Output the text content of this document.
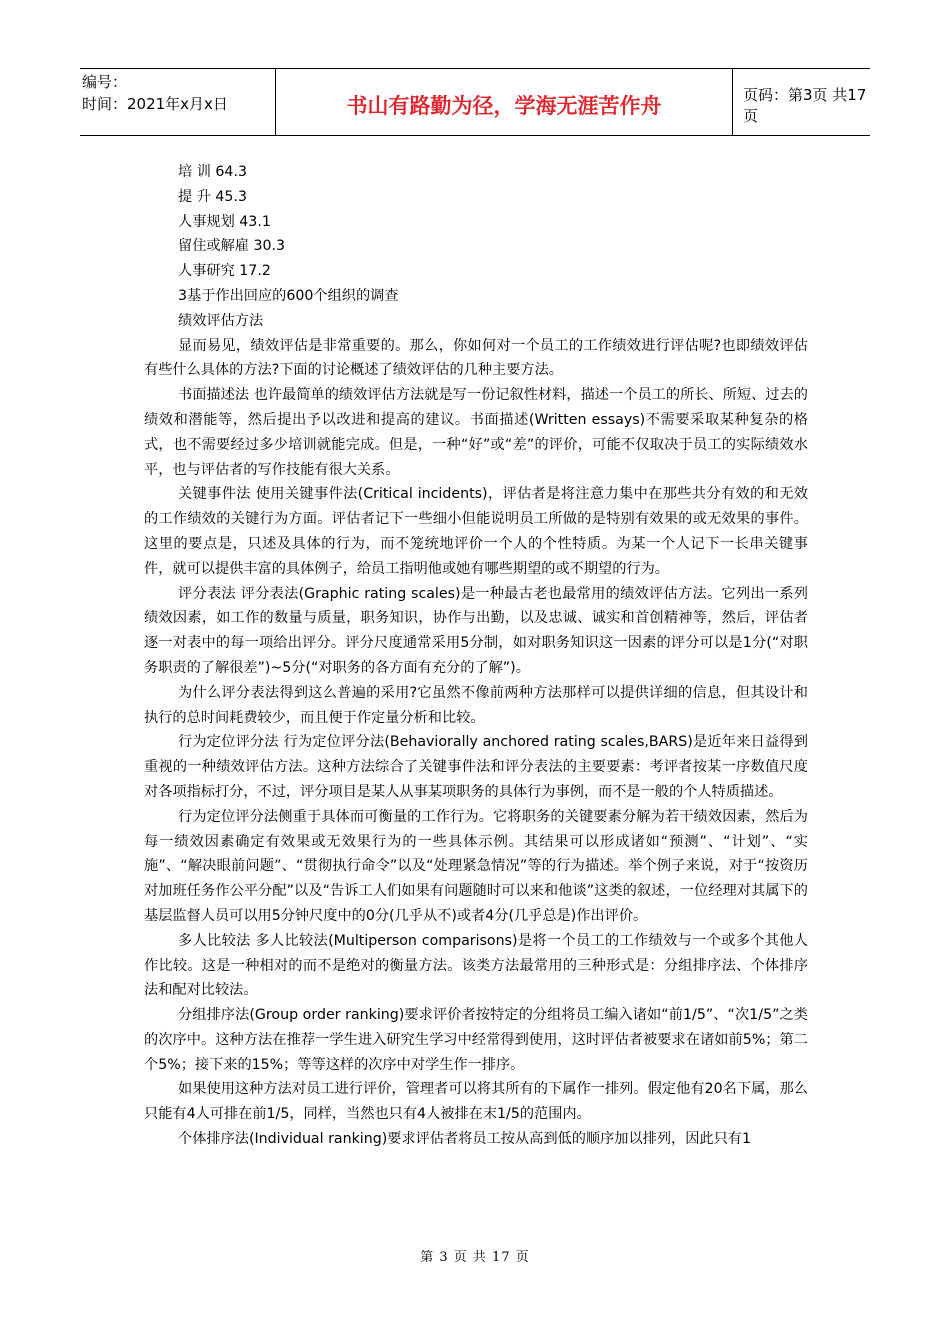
编号：
时间：2021年x月x日	书山有路勤为径，学海无涯苦作舟	页码：第3页 共17页

培 训 64.3

提 升 45.3

人事规划 43.1

留住或解雇 30.3

人事研究 17.2

3基于作出回应的600个组织的调查

绩效评估方法

显而易见，绩效评估是非常重要的。那么，你如何对一个员工的工作绩效进行评估呢?也即绩效评估有些什么具体的方法?下面的讨论概述了绩效评估的几种主要方法。

书面描述法 也许最简单的绩效评估方法就是写一份记叙性材料，描述一个员工的所长、所短、过去的绩效和潜能等，然后提出予以改进和提高的建议。书面描述(Written essays)不需要采取某种复杂的格式，也不需要经过多少培训就能完成。但是，一种“好”或“差”的评价，可能不仅取决于员工的实际绩效水平，也与评估者的写作技能有很大关系。

关键事件法 使用关键事件法(Critical incidents)，评估者是将注意力集中在那些共分有效的和无效的工作绩效的关键行为方面。评估者记下一些细小但能说明员工所做的是特别有效果的或无效果的事件。这里的要点是，只述及具体的行为，而不笼统地评价一个人的个性特质。为某一个人记下一长串关键事件，就可以提供丰富的具体例子，给员工指明他或她有哪些期望的或不期望的行为。

评分表法 评分表法(Graphic rating scales)是一种最古老也最常用的绩效评估方法。它列出一系列绩效因素，如工作的数量与质量，职务知识，协作与出勤，以及忠诚、诚实和首创精神等，然后，评估者逐一对表中的每一项给出评分。评分尺度通常采用5分制，如对职务知识这一因素的评分可以是1分(“对职务职责的了解很差”)~5分(“对职务的各方面有充分的了解”)。

为什么评分表法得到这么普遍的采用?它虽然不像前两种方法那样可以提供详细的信息，但其设计和执行的总时间耗费较少，而且便于作定量分析和比较。

行为定位评分法 行为定位评分法(Behaviorally anchored rating scales,BARS)是近年来日益得到重视的一种绩效评估方法。这种方法综合了关键事件法和评分表法的主要要素：考评者按某一序数值尺度对各项指标打分，不过，评分项目是某人从事某项职务的具体行为事例，而不是一般的个人特质描述。

行为定位评分法侧重于具体而可衡量的工作行为。它将职务的关键要素分解为若干绩效因素，然后为每一绩效因素确定有效果或无效果行为的一些具体示例。其结果可以形成诸如“预测”、“计划”、“实施”、“解决眼前问题”、“贯彻执行命令”以及“处理紧急情况”等的行为描述。举个例子来说，对于“按资历对加班任务作公平分配”以及“告诉工人们如果有问题随时可以来和他谈”这类的叙述，一位经理对其属下的基层监督人员可以用5分钟尺度中的0分(几乎从不)或者4分(几乎总是)作出评价。

多人比较法 多人比较法(Multiperson comparisons)是将一个员工的工作绩效与一个或多个其他人作比较。这是一种相对的而不是绝对的衡量方法。该类方法最常用的三种形式是：分组排序法、个体排序法和配对比较法。

分组排序法(Group order ranking)要求评价者按特定的分组将员工编入诸如“前1/5”、“次1/5”之类的次序中。这种方法在推荐一学生进入研究生学习中经常得到使用，这时评估者被要求在诸如前5%；第二个5%；接下来的15%；等等这样的次序中对学生作一排序。

如果使用这种方法对员工进行评价，管理者可以将其所有的下属作一排列。假定他有20名下属，那么只能有4人可排在前1/5，同样，当然也只有4人被排在末1/5的范围内。

个体排序法(Individual ranking)要求评估者将员工按从高到低的顺序加以排列，因此只有1

第 3 页 共 17 页
